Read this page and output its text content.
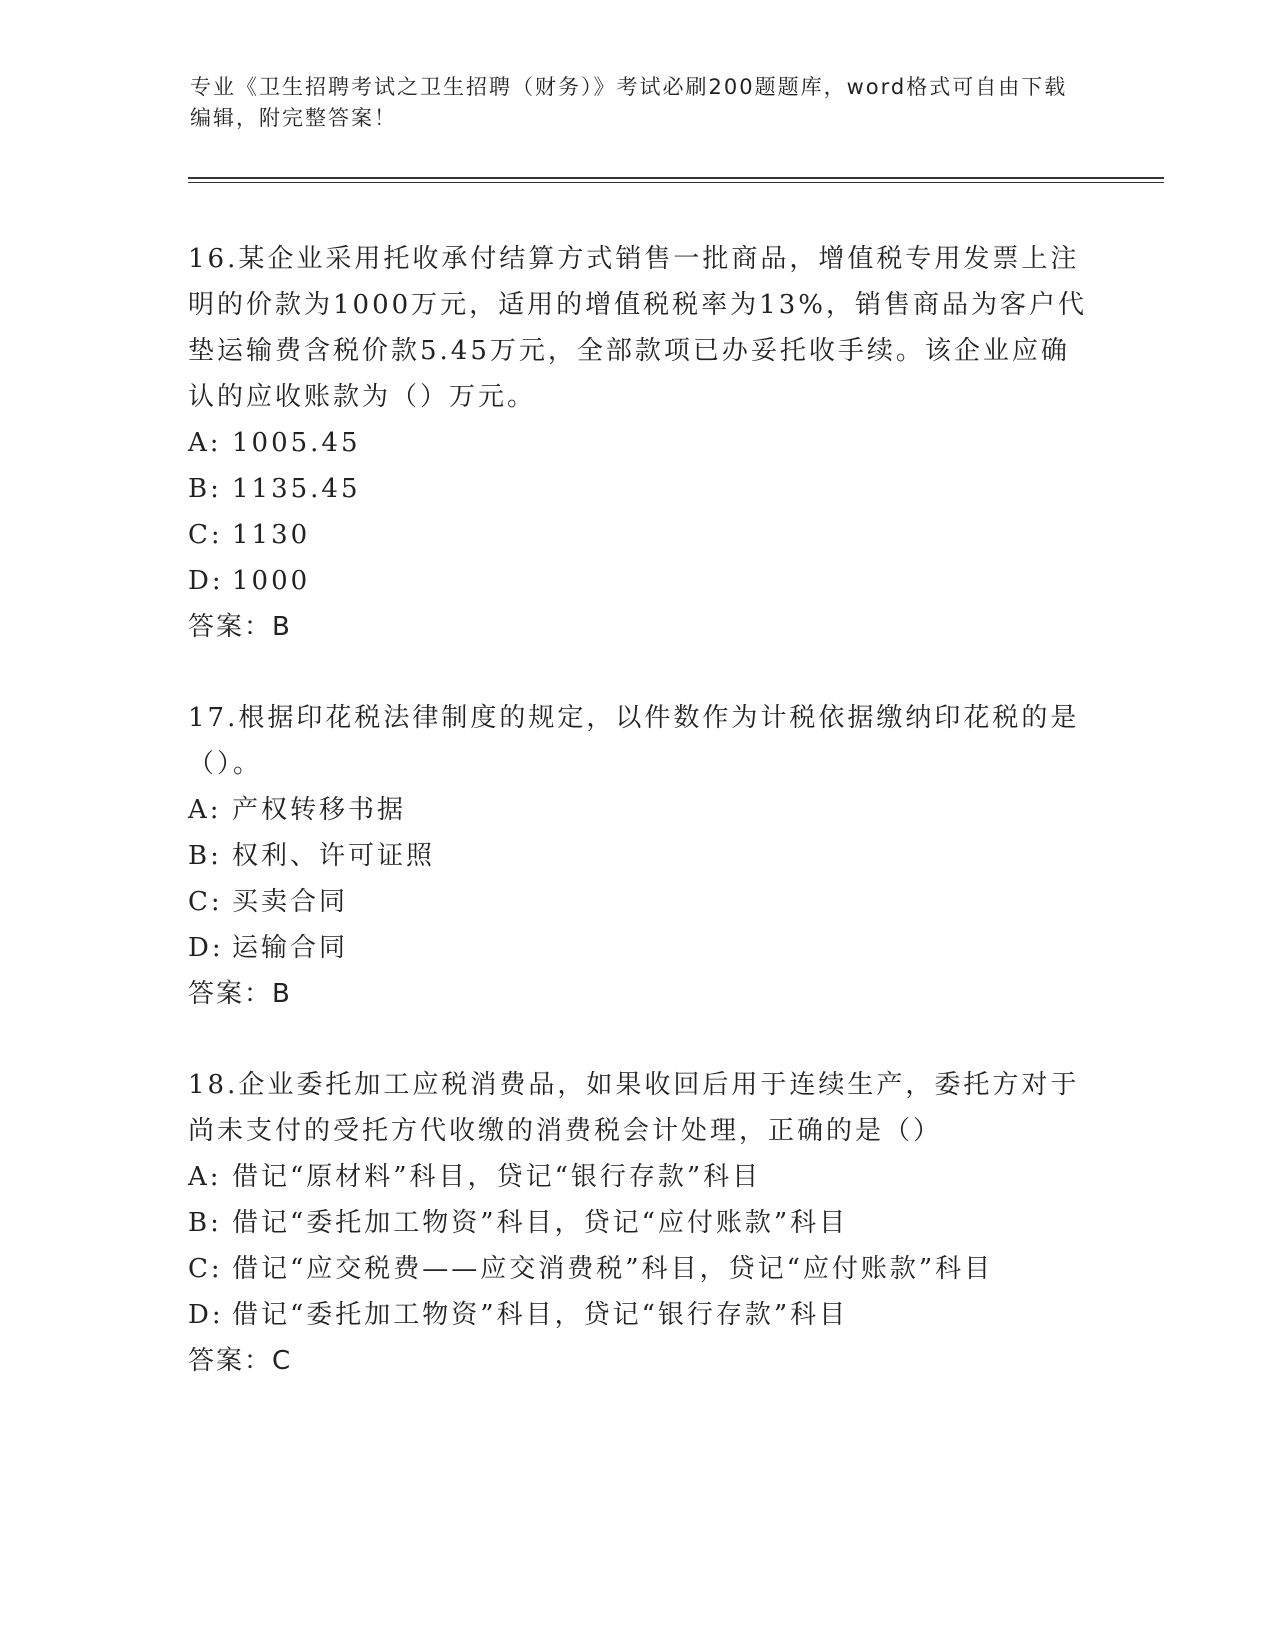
专业《卫生招聘考试之卫生招聘（财务）》考试必刷200题题库，word格式可自由下载编辑，附完整答案！

16.某企业采用托收承付结算方式销售一批商品，增值税专用发票上注明的价款为1000万元，适用的增值税税率为13%，销售商品为客户代垫运输费含税价款5.45万元，全部款项已办妥托收手续。该企业应确认的应收账款为（）万元。

A: 1005.45

B: 1135.45

C: 1130

D: 1000

答案：B

17.根据印花税法律制度的规定，以件数作为计税依据缴纳印花税的是（）。

A: 产权转移书据

B: 权利、许可证照

C: 买卖合同

D: 运输合同

答案：B

18.企业委托加工应税消费品，如果收回后用于连续生产，委托方对于尚未支付的受托方代收缴的消费税会计处理，正确的是（）

A: 借记“原材料”科目，贷记“银行存款”科目

B: 借记“委托加工物资”科目，贷记“应付账款”科目

C: 借记“应交税费——应交消费税”科目，贷记“应付账款”科目

D: 借记“委托加工物资”科目，贷记“银行存款”科目

答案：C
